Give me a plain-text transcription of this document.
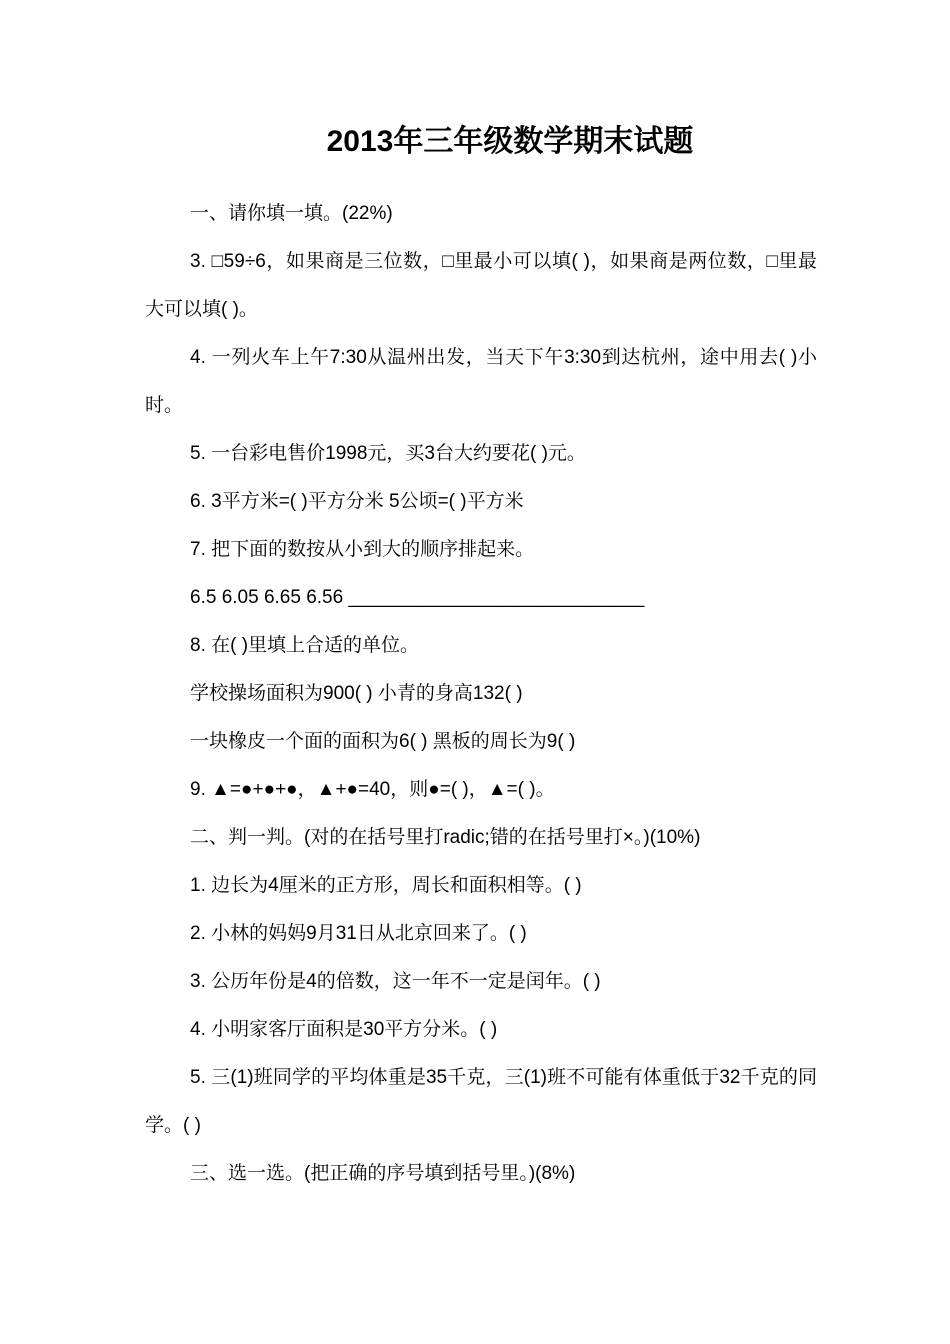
2013年三年级数学期末试题

一、请你填一填。(22%)

3. □59÷6，如果商是三位数，□里最小可以填( )，如果商是两位数，□里最大可以填( )。

4. 一列火车上午7:30从温州出发，当天下午3:30到达杭州，途中用去( )小时。

5. 一台彩电售价1998元，买3台大约要花( )元。

6. 3平方米=( )平方分米 5公顷=( )平方米

7. 把下面的数按从小到大的顺序排起来。

6.5 6.05 6.65 6.56 ____________________________

8. 在( )里填上合适的单位。

学校操场面积为900( ) 小青的身高132( )

一块橡皮一个面的面积为6( ) 黑板的周长为9( )

9. ▲=●+●+●，▲+●=40，则●=( )，▲=( )。

二、判一判。(对的在括号里打radic;错的在括号里打×。)(10%)

1. 边长为4厘米的正方形，周长和面积相等。( )

2. 小林的妈妈9月31日从北京回来了。( )

3. 公历年份是4的倍数，这一年不一定是闰年。( )

4. 小明家客厅面积是30平方分米。( )

5. 三(1)班同学的平均体重是35千克，三(1)班不可能有体重低于32千克的同学。( )

三、选一选。(把正确的序号填到括号里。)(8%)
